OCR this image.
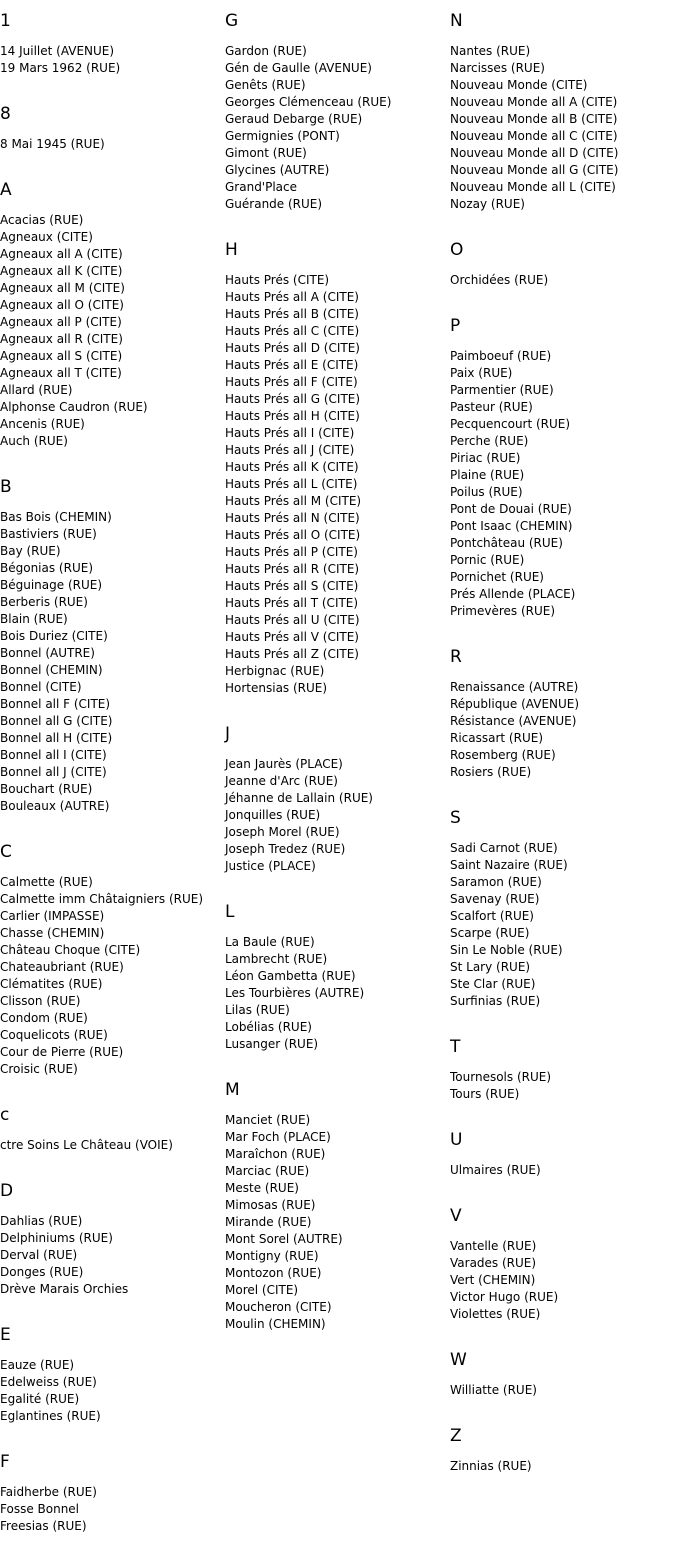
1
14 Juillet (AVENUE)
19 Mars 1962 (RUE)
8
8 Mai 1945 (RUE)
A
Acacias (RUE)
Agneaux (CITE)
Agneaux all A (CITE)
Agneaux all K (CITE)
Agneaux all M (CITE)
Agneaux all O (CITE)
Agneaux all P (CITE)
Agneaux all R (CITE)
Agneaux all S (CITE)
Agneaux all T (CITE)
Allard (RUE)
Alphonse Caudron (RUE)
Ancenis (RUE)
Auch (RUE)
B
Bas Bois (CHEMIN)
Bastiviers (RUE)
Bay (RUE)
Bégonias (RUE)
Béguinage (RUE)
Berberis (RUE)
Blain (RUE)
Bois Duriez (CITE)
Bonnel (AUTRE)
Bonnel (CHEMIN)
Bonnel (CITE)
Bonnel all F (CITE)
Bonnel all G (CITE)
Bonnel all H (CITE)
Bonnel all I (CITE)
Bonnel all J (CITE)
Bouchart (RUE)
Bouleaux (AUTRE)
C
Calmette (RUE)
Calmette imm Châtaigniers (RUE)
Carlier (IMPASSE)
Chasse (CHEMIN)
Château Choque (CITE)
Chateaubriant (RUE)
Clématites (RUE)
Clisson (RUE)
Condom (RUE)
Coquelicots (RUE)
Cour de Pierre (RUE)
Croisic (RUE)
c
ctre Soins Le Château (VOIE)
D
Dahlias (RUE)
Delphiniums (RUE)
Derval (RUE)
Donges (RUE)
Drève Marais Orchies
E
Eauze (RUE)
Edelweiss (RUE)
Egalité (RUE)
Eglantines (RUE)
F
Faidherbe (RUE)
Fosse Bonnel
Freesias (RUE)
G
Gardon (RUE)
Gén de Gaulle (AVENUE)
Genêts (RUE)
Georges Clémenceau (RUE)
Geraud Debarge (RUE)
Germignies (PONT)
Gimont (RUE)
Glycines (AUTRE)
Grand'Place
Guérande (RUE)
H
Hauts Prés (CITE)
Hauts Prés all A (CITE)
Hauts Prés all B (CITE)
Hauts Prés all C (CITE)
Hauts Prés all D (CITE)
Hauts Prés all E (CITE)
Hauts Prés all F (CITE)
Hauts Prés all G (CITE)
Hauts Prés all H (CITE)
Hauts Prés all I (CITE)
Hauts Prés all J (CITE)
Hauts Prés all K (CITE)
Hauts Prés all L (CITE)
Hauts Prés all M (CITE)
Hauts Prés all N (CITE)
Hauts Prés all O (CITE)
Hauts Prés all P (CITE)
Hauts Prés all R (CITE)
Hauts Prés all S (CITE)
Hauts Prés all T (CITE)
Hauts Prés all U (CITE)
Hauts Prés all V (CITE)
Hauts Prés all Z (CITE)
Herbignac (RUE)
Hortensias (RUE)
J
Jean Jaurès (PLACE)
Jeanne d'Arc (RUE)
Jéhanne de Lallain (RUE)
Jonquilles (RUE)
Joseph Morel (RUE)
Joseph Tredez (RUE)
Justice (PLACE)
L
La Baule (RUE)
Lambrecht (RUE)
Léon Gambetta (RUE)
Les Tourbières (AUTRE)
Lilas (RUE)
Lobélias (RUE)
Lusanger (RUE)
M
Manciet (RUE)
Mar Foch (PLACE)
Maraîchon (RUE)
Marciac (RUE)
Meste (RUE)
Mimosas (RUE)
Mirande (RUE)
Mont Sorel (AUTRE)
Montigny (RUE)
Montozon (RUE)
Morel (CITE)
Moucheron (CITE)
Moulin (CHEMIN)
N
Nantes (RUE)
Narcisses (RUE)
Nouveau Monde (CITE)
Nouveau Monde all A (CITE)
Nouveau Monde all B (CITE)
Nouveau Monde all C (CITE)
Nouveau Monde all D (CITE)
Nouveau Monde all G (CITE)
Nouveau Monde all L (CITE)
Nozay (RUE)
O
Orchidées (RUE)
P
Paimboeuf (RUE)
Paix (RUE)
Parmentier (RUE)
Pasteur (RUE)
Pecquencourt (RUE)
Perche (RUE)
Piriac (RUE)
Plaine (RUE)
Poilus (RUE)
Pont de Douai (RUE)
Pont Isaac (CHEMIN)
Pontchâteau (RUE)
Pornic (RUE)
Pornichet (RUE)
Prés Allende (PLACE)
Primevères (RUE)
R
Renaissance (AUTRE)
République (AVENUE)
Résistance (AVENUE)
Ricassart (RUE)
Rosemberg (RUE)
Rosiers (RUE)
S
Sadi Carnot (RUE)
Saint Nazaire (RUE)
Saramon (RUE)
Savenay (RUE)
Scalfort (RUE)
Scarpe (RUE)
Sin Le Noble (RUE)
St Lary (RUE)
Ste Clar (RUE)
Surfinias (RUE)
T
Tournesols (RUE)
Tours (RUE)
U
Ulmaires (RUE)
V
Vantelle (RUE)
Varades (RUE)
Vert (CHEMIN)
Victor Hugo (RUE)
Violettes (RUE)
W
Williatte (RUE)
Z
Zinnias (RUE)
